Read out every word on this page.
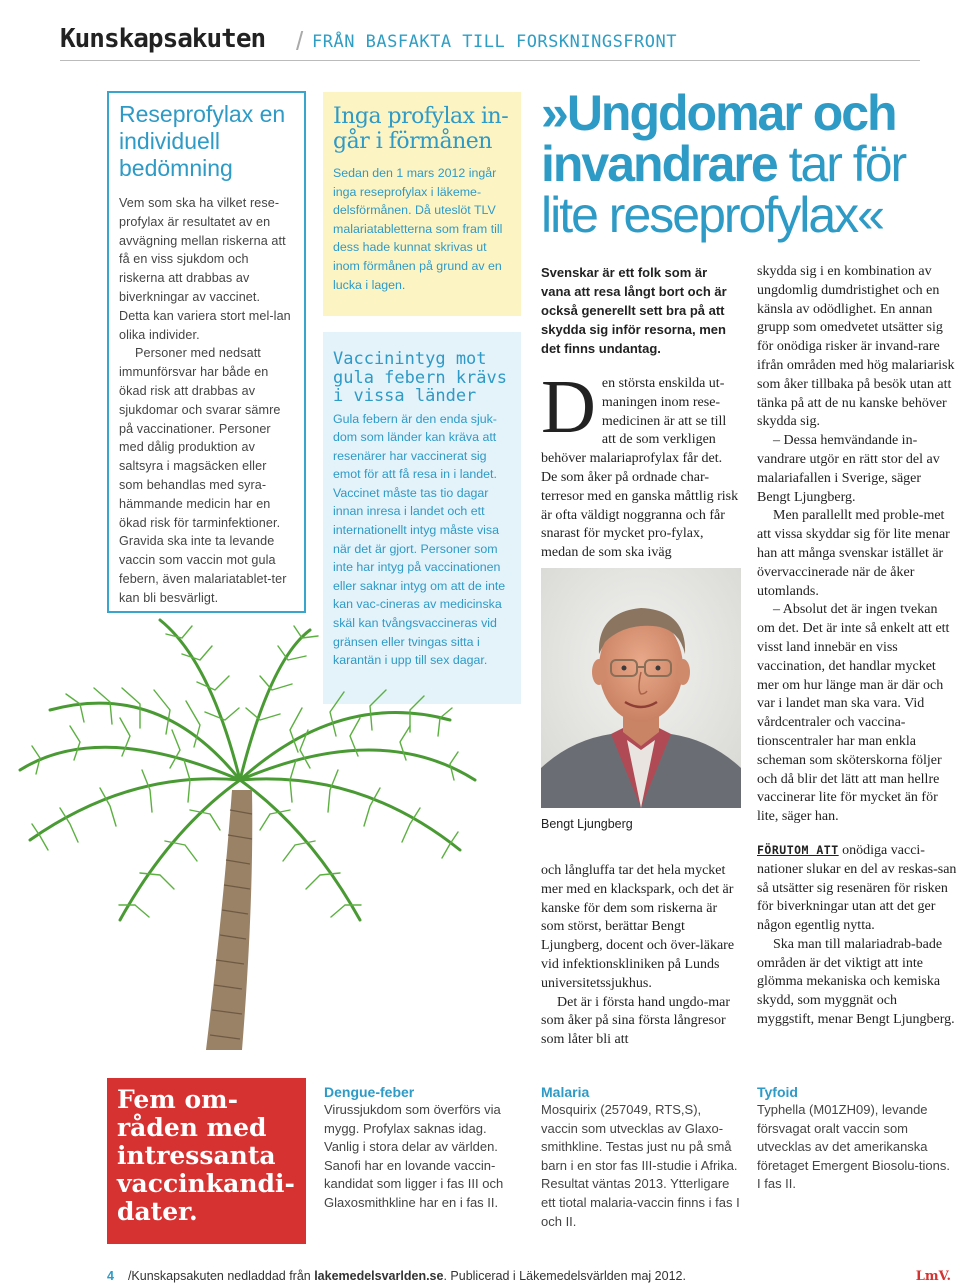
Kunskapsakuten / FRÅN BASFAKTA TILL FORSKNINGSFRONT
Reseprofylax en individuell bedömning

Vem som ska ha vilket rese-profylax är resultatet av en avvägning mellan riskerna att få en viss sjukdom och riskerna att drabbas av biverkningar av vaccinet. Detta kan variera stort mel-lan olika individer.

Personer med nedsatt immunförsvar har både en ökad risk att drabbas av sjukdomar och svarar sämre på vaccinationer. Personer med dålig produktion av saltsyra i magsäcken eller som behandlas med syra-hämmande medicin har en ökad risk för tarminfektioner. Gravida ska inte ta levande vaccin som vaccin mot gula febern, även malariatablet-ter kan bli besvärligt.

Inga profylax in-går i förmånen

Sedan den 1 mars 2012 ingår inga reseprofylax i läkeme-delsförmånen. Då uteslöt TLV malariatabletterna som fram till dess hade kunnat skrivas ut inom förmånen på grund av en lucka i lagen.

Vaccinintyg mot gula febern krävs i vissa länder

Gula febern är den enda sjuk-dom som länder kan kräva att resenärer har vaccinerat sig emot för att få resa in i landet. Vaccinet måste tas tio dagar innan inresa i landet och ett internationellt intyg måste visa när det är gjort. Personer som inte har intyg på vaccinationen eller saknar intyg om att de inte kan vac-cineras av medicinska skäl kan tvångsvaccineras vid gränsen eller tvingas sitta i karantän i upp till sex dagar.

»Ungdomar och invandrare tar för lite reseprofylax«
Svenskar är ett folk som är vana att resa långt bort och är också generellt sett bra på att skydda sig inför resorna, men det finns undantag.
D en största enskilda ut-maningen inom rese-medicinen är att se till att de som verkligen behöver malariaprofylax får det. De som åker på ordnade char-terresor med en ganska måttlig risk är ofta väldigt noggranna och får snarast för mycket pro-fylax, medan de som ska iväg
Bengt Ljungberg

och långluffa tar det hela mycket mer med en klackspark, och det är kanske för dem som riskerna är som störst, berättar Bengt Ljungberg, docent och över-läkare vid infektionskliniken på Lunds universitetssjukhus.

Det är i första hand ungdo-mar som åker på sina första långresor som låter bli att

skydda sig i en kombination av ungdomlig dumdristighet och en känsla av odödlighet. En annan grupp som omedvetet utsätter sig för onödiga risker är invand-rare ifrån områden med hög malariarisk som åker tillbaka på besök utan att tänka på att de nu kanske behöver skydda sig.

– Dessa hemvändande in-vandrare utgör en rätt stor del av malariafallen i Sverige, säger Bengt Ljungberg.

Men parallellt med proble-met att vissa skyddar sig för lite menar han att många svenskar istället är övervaccinerade när de åker utomlands.

– Absolut det är ingen tvekan om det. Det är inte så enkelt att ett visst land innebär en viss vaccination, det handlar mycket mer om hur länge man är där och var i landet man ska vara. Vid vårdcentraler och vaccina-tionscentraler har man enkla scheman som sköterskorna följer och då blir det lätt att man hellre vaccinerar lite för mycket än för lite, säger han.

FÖRUTOM ATT onödiga vacci-nationer slukar en del av reskas-san så utsätter sig resenären för risken för biverkningar utan att det ger någon egentlig nytta.

Ska man till malariadrab-bade områden är det viktigt att inte glömma mekaniska och kemiska skydd, som myggnät och myggstift, menar Bengt Ljungberg.

Fem om-råden med intressanta vaccinkandi-dater.
Dengue-feber

Virussjukdom som överförs via mygg. Profylax saknas idag. Vanlig i stora delar av världen. Sanofi har en lovande vaccin-kandidat som ligger i fas III och Glaxosmithkline har en i fas II.

Malaria

Mosquirix (257049, RTS,S), vaccin som utvecklas av Glaxo-smithkline. Testas just nu på små barn i en stor fas III-studie i Afrika. Resultat väntas 2013. Ytterligare ett tiotal malaria-vaccin finns i fas I och II.

Tyfoid

Typhella (M01ZH09), levande försvagat oralt vaccin som utvecklas av det amerikanska företaget Emergent Biosolu-tions. I fas II.

4 /Kunskapsakuten nedladdad från lakemedelsvarlden.se. Publicerad i Läkemedelsvärlden maj 2012.	LmV.
